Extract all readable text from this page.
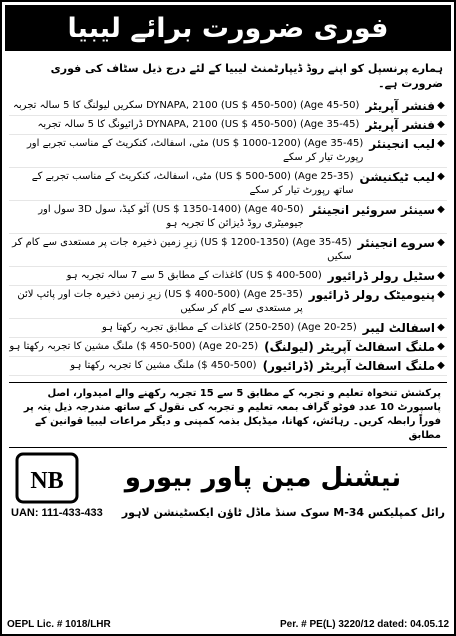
فوری ضرورت برائے لیبیا
ہمارے پرنسپل کو اپنے روڈ ڈیپارٹمنٹ لیبیا کے لئے درج ذیل سٹاف کی فوری ضرورت ہے۔
◆
فنشر آپریٹر
DYNAPA, 2100 (US $ 450-500) (Age 45-50) سکریں لیولنگ کا 5 سالہ تجربہ
◆
فنشر آپریٹر
DYNAPA, 2100 (US $ 450-500) (Age 35-45) ڈرائیونگ کا 5 سالہ تجربہ
◆
لیب انجینئر
(Age 35-45) (US $ 1000-1200) مٹی، اسفالٹ، کنکریٹ کے مناسب تجربے اور رپورٹ تیار کر سکے
◆
لیب ٹیکنیشن
(Age 25-35) (US $ 500-500) مٹی، اسفالٹ، کنکریٹ کے مناسب تجربے کے ساتھ رپورٹ تیار کر سکے
◆
سینئر سروئیر انجینئر
(Age 40-50) (US $ 1350-1400) آٹو کیڈ، سول 3D سول اور جیومیٹری روڈ ڈیزائن کا تجربہ ہو
◆
سروے انجینئر
(Age 35-45) (US $ 1200-1350) زیرِ زمین ذخیرہ جات پر مستعدی سے کام کر سکیں
◆
سٹیل رولر ڈرائیور
(US $ 400-500) کاغذات کے مطابق 5 سے 7 سالہ تجربہ ہو
◆
پنیومیٹک رولر ڈرائیور
(Age 25-35) (US $ 400-500) زیرِ زمین ذخیرہ جات اور پائپ لائن پر مستعدی سے کام کر سکیں
◆
اسفالٹ لیبر
(Age 20-25) (250-250) کاغذات کے مطابق تجربہ رکھتا ہو
◆
ملنگ اسفالٹ آپریٹر (لیولنگ)
(Age 20-25) (450-500 $) ملنگ مشین کا تجربہ رکھتا ہو
◆
ملنگ اسفالٹ آپریٹر (ڈرائیور)
(450-500 $) ملنگ مشین کا تجربہ رکھتا ہو
پرکشش تنخواہ تعلیم و تجربہ کے مطابق 5 سے 15 تجربہ رکھنے والے امیدوار، اصل پاسپورٹ 10 عدد فوٹو گراف بمعہ تعلیم و تجربہ کی نقول کے ساتھ مندرجہ ذیل پتہ پر فوراً رابطہ کریں۔ رہائش، کھانا، میڈیکل بذمہ کمپنی و دیگر مراعات لیبیا قوانین کے مطابق
NB	نیشنل مین پاور بیورو
UAN: 111-433-433 رائل کمپلیکس 34-M سوک سنڈ ماڈل ٹاؤن ایکسٹینشن لاہور
OEPL Lic. # 1018/LHR	Per. # PE(L) 3220/12 dated: 04.05.12
